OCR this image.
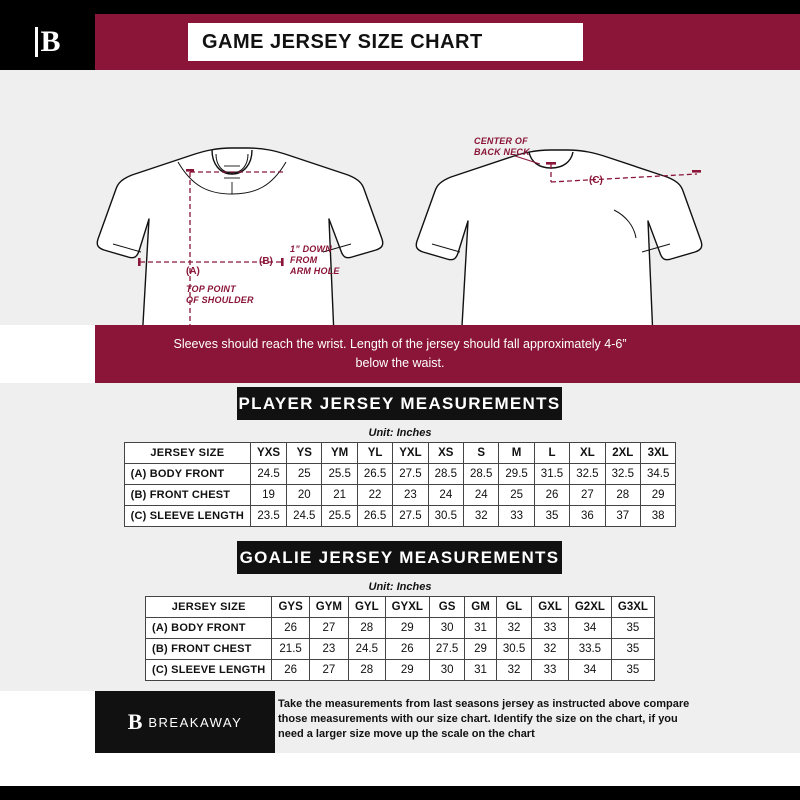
B	GAME JERSEY SIZE CHART
CENTER OF
BACK NECK
1” DOWN
FROM
ARM HOLE
TOP POINT
OF SHOULDER
(A)
(B)
(C)

Sleeves should reach the wrist. Length of the jersey should fall approximately 4-6” below the waist.

PLAYER JERSEY MEASUREMENTS
Unit: Inches
JERSEY SIZE	YXS	YS	YM	YL	YXL	XS	S	M	L	XL	2XL	3XL
(A) BODY FRONT	24.5	25	25.5	26.5	27.5	28.5	28.5	29.5	31.5	32.5	32.5	34.5
(B) FRONT CHEST	19	20	21	22	23	24	24	25	26	27	28	29
(C) SLEEVE LENGTH	23.5	24.5	25.5	26.5	27.5	30.5	32	33	35	36	37	38
GOALIE JERSEY MEASUREMENTS
Unit: Inches
JERSEY SIZE	GYS	GYM	GYL	GYXL	GS	GM	GL	GXL	G2XL	G3XL
(A) BODY FRONT	26	27	28	29	30	31	32	33	34	35
(B) FRONT CHEST	21.5	23	24.5	26	27.5	29	30.5	32	33.5	35
(C) SLEEVE LENGTH	26	27	28	29	30	31	32	33	34	35
B BREAKAWAY
Take the measurements from last seasons jersey as instructed above compare those measurements with our size chart. Identify the size on the chart, if you need a larger size move up the scale on the chart
